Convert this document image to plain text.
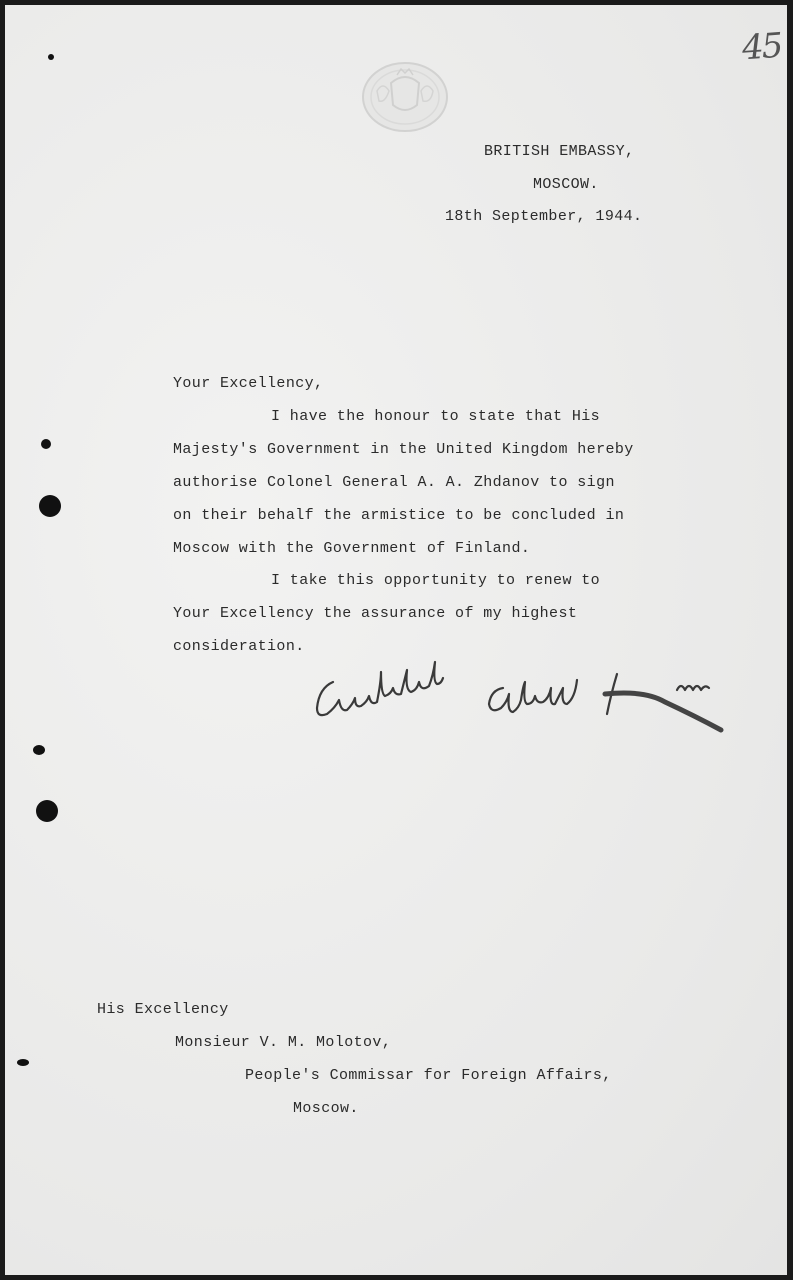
45
BRITISH EMBASSY,
MOSCOW.
18th September, 1944.
Your Excellency,
I have the honour to state that His
Majesty's Government in the United Kingdom hereby
authorise Colonel General A. A. Zhdanov to sign
on their behalf the armistice to be concluded in
Moscow with the Government of Finland.
I take this opportunity to renew to
Your Excellency the assurance of my highest
consideration.
His Excellency
Monsieur V. M. Molotov,
People's Commissar for Foreign Affairs,
Moscow.
